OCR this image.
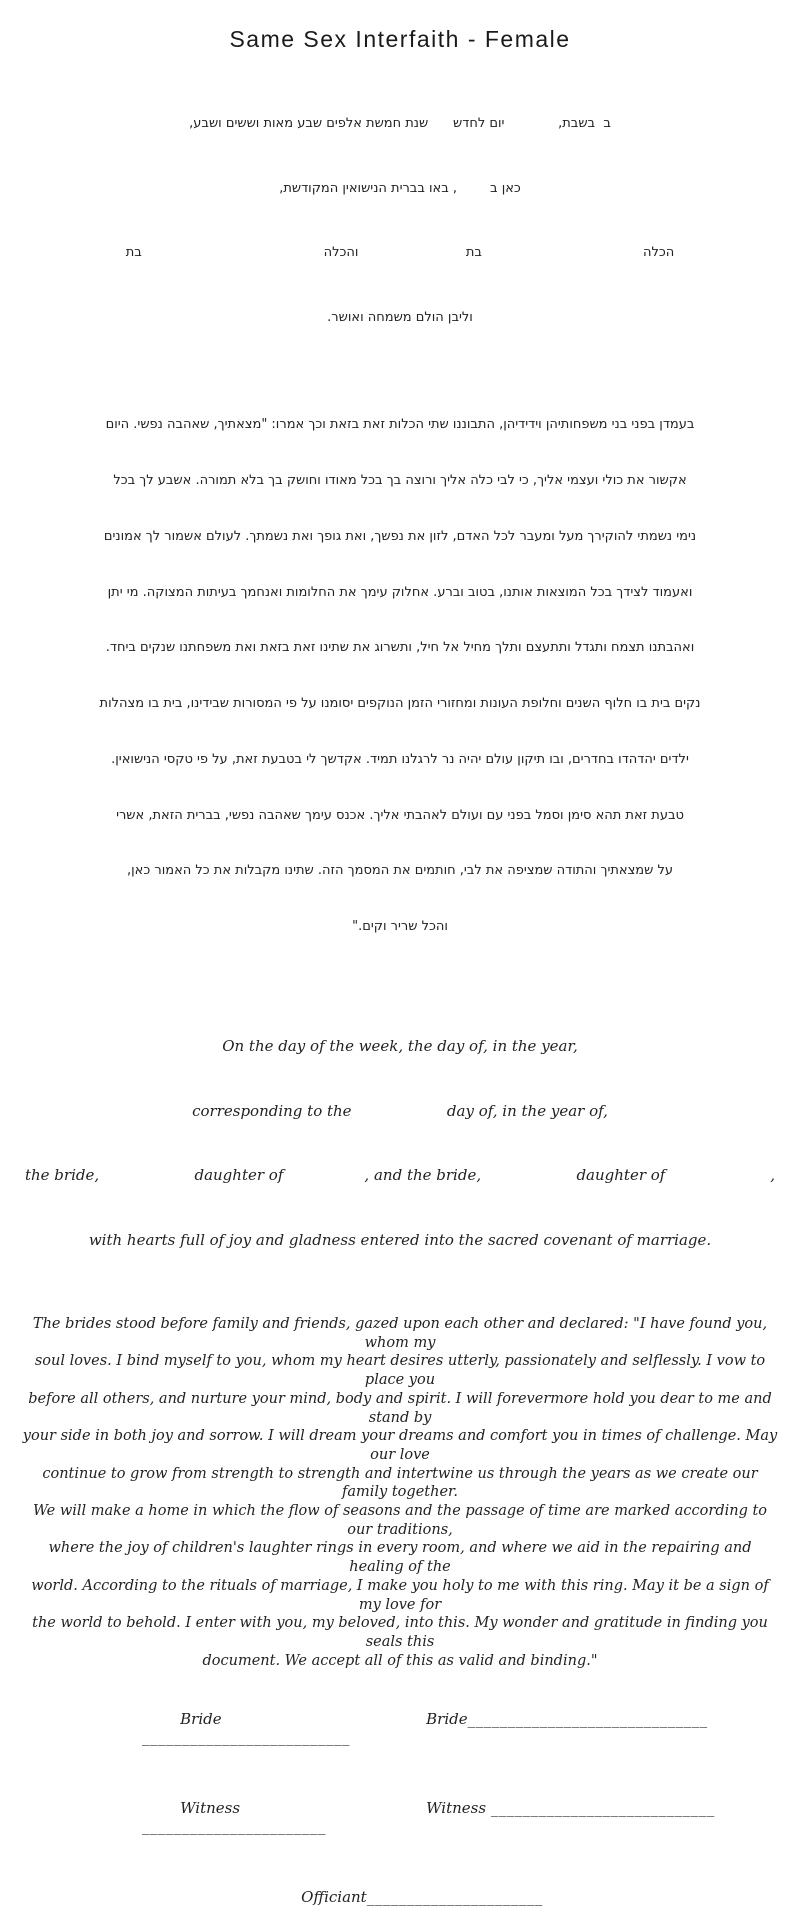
Same Sex Interfaith - Female

ב  בשבת,             יום לחדש      שנת חמשת אלפים שבע מאות וששים ושבע,

כאן ב        , באו בברית הנישואין המקודשת,

הכלה                                       בת                          והכלה                                            בת

וליבן הולם משמחה ואושר.

בעמדן בפני בני משפחותיהן וידידיהן, התבוננו שתי הכלות זאת בזאת וכך אמרו: "מצאתיך, שאהבה נפשי. היום

אקשור את כולי ועצמי אליך, כי לבי כלה אליך ורוצה בך בכל מאודו וחושק בך בלא תמורה. אשבע לך בכל

נימי נשמתי להוקירך מעל ומעבר לכל האדם, לזון את נפשך, ואת גופך ואת נשמתך. לעולם אשמור לך אמונים

ואעמוד לצידך בכל המוצאות אותנו, בטוב וברע. אחלוק עימך את החלומות ואנחמך בעיתות המצוקה. מי יתן

ואהבתנו תצמח ותגדל ותתעצם ותלך מחיל אל חיל, ותשרוג את שתינו זאת בזאת ואת משפחתנו שנקים ביחד.

נקים בית בו חלוף השנים וחלופת העונות ומחזורי הזמן הנוקפים יסומנו על פי המסורות שבידינו, בית בו מצהלות

ילדים יהדהדו בחדרים, ובו תיקון עולם יהיה נר לרגלנו תמיד. אקדשך לי בטבעת זאת, על פי טקסי הנישואין.

טבעת זאת תהא סימן וסמל בפני עם ועולם לאהבתי אליך. אכנס עימך שאהבה נפשי, בברית הזאת, אשרי

על שמצאתיך והתודה שמציפה את לבי, חותמים את המסמך הזה. שתינו מקבלות את כל האמור כאן,

והכל שריר וקים."

On the day of the week, the day of, in the year,

corresponding to the                    day of, in the year of,

the bride,                    daughter of                 , and the bride,                    daughter of                      ,

with hearts full of joy and gladness entered into the sacred covenant of marriage.

The brides stood before family and friends, gazed upon each other and declared: "I have found you, whom my
soul loves. I bind myself to you, whom my heart desires utterly, passionately and selflessly. I vow to place you
before all others, and nurture your mind, body and spirit. I will forevermore hold you dear to me and stand by
your side in both joy and sorrow. I will dream your dreams and comfort you in times of challenge. May our love
continue to grow from strength to strength and intertwine us through the years as we create our family together.
We will make a home in which the flow of seasons and the passage of time are marked according to our traditions,
where the joy of children's laughter rings in every room, and where we aid in the repairing and healing of the
world. According to the rituals of marriage, I make you holy to me with this ring. May it be a sign of my love for
the world to behold. I enter with you, my beloved, into this. My wonder and gratitude in finding you seals this
document. We accept all of this as valid and binding."

Bride __________________________

Bride______________________________

Witness _______________________

Witness ____________________________

Officiant______________________
